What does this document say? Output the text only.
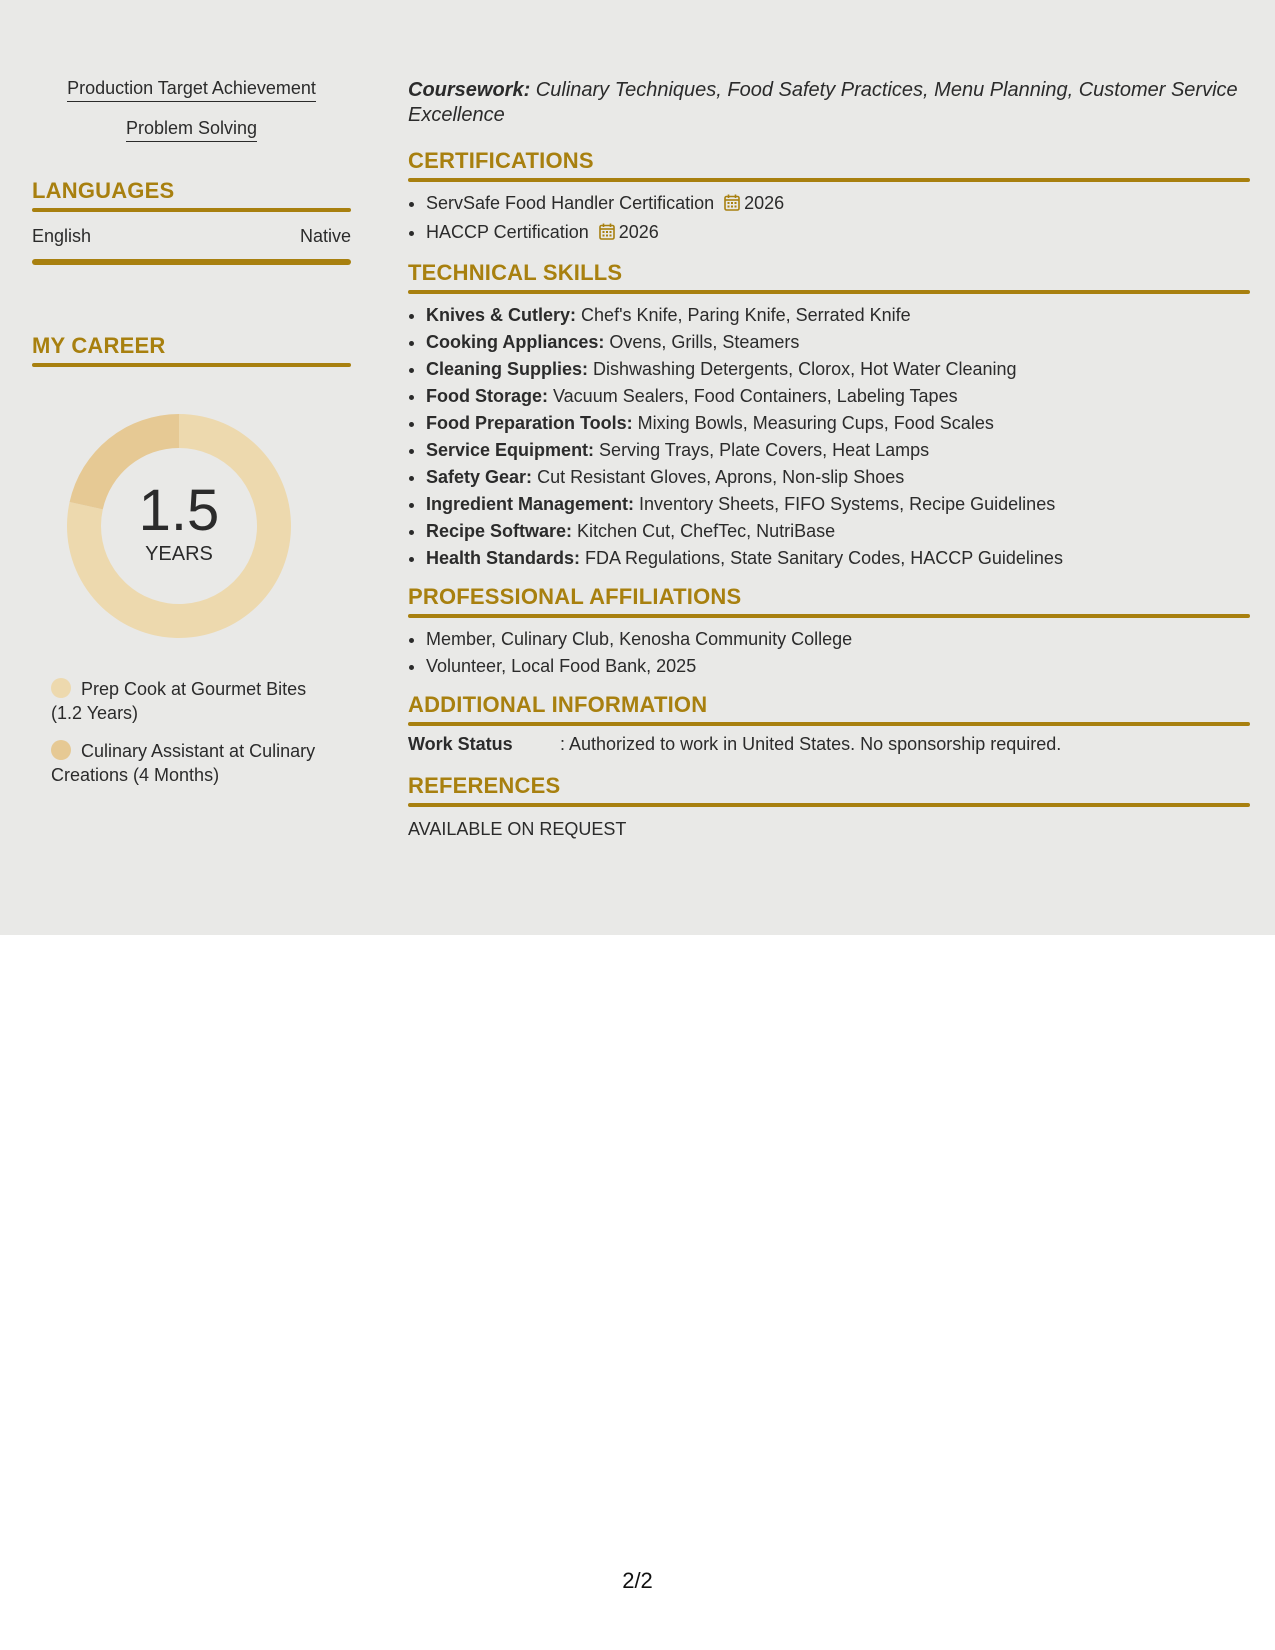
Production Target Achievement
Problem Solving
LANGUAGES
English	Native
MY CAREER
1.5
YEARS
Prep Cook at Gourmet Bites (1.2 Years)
Culinary Assistant at Culinary Creations (4 Months)
Coursework: Culinary Techniques, Food Safety Practices, Menu Planning, Customer Service Excellence
CERTIFICATIONS
• ServSafe Food Handler Certification 2026
• HACCP Certification 2026
TECHNICAL SKILLS
• Knives & Cutlery: Chef's Knife, Paring Knife, Serrated Knife
• Cooking Appliances: Ovens, Grills, Steamers
• Cleaning Supplies: Dishwashing Detergents, Clorox, Hot Water Cleaning
• Food Storage: Vacuum Sealers, Food Containers, Labeling Tapes
• Food Preparation Tools: Mixing Bowls, Measuring Cups, Food Scales
• Service Equipment: Serving Trays, Plate Covers, Heat Lamps
• Safety Gear: Cut Resistant Gloves, Aprons, Non-slip Shoes
• Ingredient Management: Inventory Sheets, FIFO Systems, Recipe Guidelines
• Recipe Software: Kitchen Cut, ChefTec, NutriBase
• Health Standards: FDA Regulations, State Sanitary Codes, HACCP Guidelines
PROFESSIONAL AFFILIATIONS
• Member, Culinary Club, Kenosha Community College
• Volunteer, Local Food Bank, 2025
ADDITIONAL INFORMATION
Work Status	: Authorized to work in United States. No sponsorship required.
REFERENCES
AVAILABLE ON REQUEST
2/2
